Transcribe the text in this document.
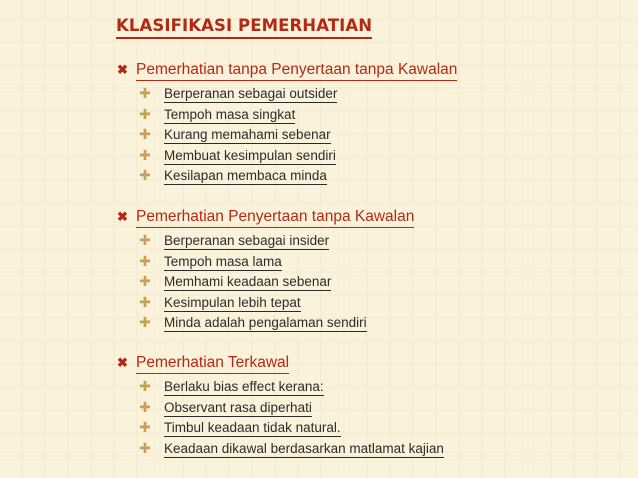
KLASIFIKASI PEMERHATIAN
✖ Pemerhatian tanpa Penyertaan tanpa Kawalan
✚ Berperanan sebagai outsider
✚ Tempoh masa singkat
✚ Kurang memahami sebenar
✚ Membuat kesimpulan sendiri
✚ Kesilapan membaca minda
✖ Pemerhatian Penyertaan tanpa Kawalan
✚ Berperanan sebagai insider
✚ Tempoh masa lama
✚ Memhami keadaan sebenar
✚ Kesimpulan lebih tepat
✚ Minda adalah pengalaman sendiri
✖ Pemerhatian Terkawal
✚ Berlaku bias effect kerana:
✚ Observant rasa diperhati
✚ Timbul keadaan tidak natural.
✚ Keadaan dikawal berdasarkan matlamat kajian
